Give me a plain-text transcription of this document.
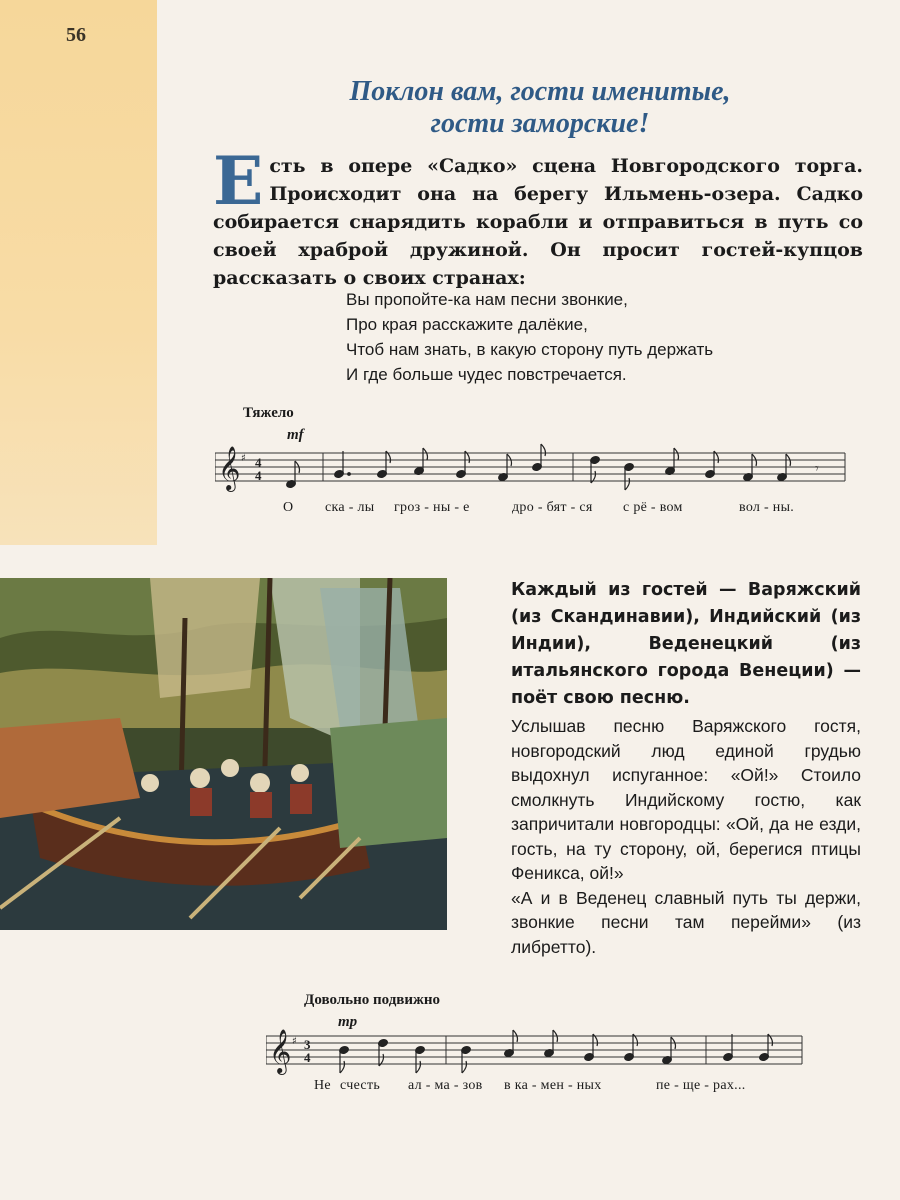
56
Поклон вам, гости именитые,
гости заморские!
Есть в опере «Садко» сцена Новгородского торга. Происходит она на берегу Ильмень-озера. Садко собирается снарядить корабли и отправиться в путь со своей храброй дружиной. Он просит гостей-купцов рассказать о своих странах:
Вы пропойте-ка нам песни звонкие,
Про края расскажите далёкие,
Чтоб нам знать, в какую сторону путь держать
И где больше чудес повстречается.
Тяжело
mf
𝄞 ♯ 4
4	𝄾
О ска - лы гроз - ны - е	дро - бят - ся с рё - вом	вол - ны.
Каждый из гостей — Варяжский (из Скандинавии), Индийский (из Индии), Веденецкий (из итальянского города Венеции) — поёт свою песню.

Услышав песню Варяжского гостя, новгородский люд единой грудью выдохнул испуганное: «Ой!» Стоило смолкнуть Индийскому гостю, как запричитали новгородцы: «Ой, да не езди, гость, на ту сторону, ой, берегися птицы Феникса, ой!»

«А и в Веденец славный путь ты держи, звонкие песни там перейми» (из либретто).

Довольно подвижно
mp
𝄞 ♯ 3
4
Не счесть ал - ма - зов в ка - мен - ных	пе - ще - рах...
